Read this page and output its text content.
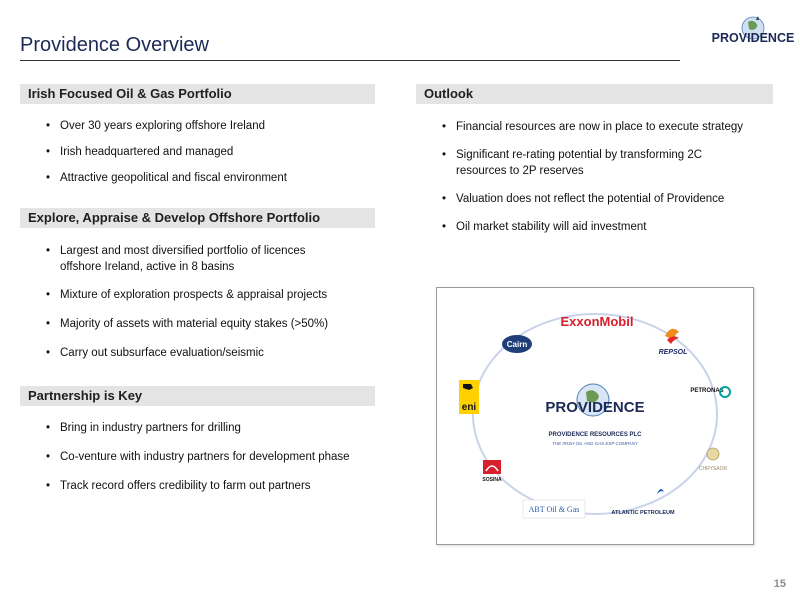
Providence Overview	PROVIDENCE
Irish Focused Oil & Gas Portfolio
• Over 30 years exploring offshore Ireland
• Irish headquartered and managed
• Attractive geopolitical and fiscal environment
Explore, Appraise & Develop Offshore Portfolio
• Largest and most diversified portfolio of licences offshore Ireland, active in 8 basins
• Mixture of exploration prospects & appraisal projects
• Majority of assets with material equity stakes (>50%)
• Carry out subsurface evaluation/seismic
Partnership is Key
• Bring in industry partners for drilling
• Co-venture with industry partners for development phase
• Track record offers credibility to farm out partners
Outlook
• Financial resources are now in place to execute strategy
• Significant re-rating potential by transforming 2C resources to 2P reserves
• Valuation does not reflect the potential of Providence
• Oil market stability will aid investment
PROVIDENCE
PROVIDENCE RESOURCES PLC
THE IRISH OIL AND GAS EXP COMPANY
ExxonMobil
Cairn
REPSOL
PETRONAS
CHRYSAOR
ATLANTIC PETROLEUM
ABT Oil & Gas
SOSINA
eni
15
